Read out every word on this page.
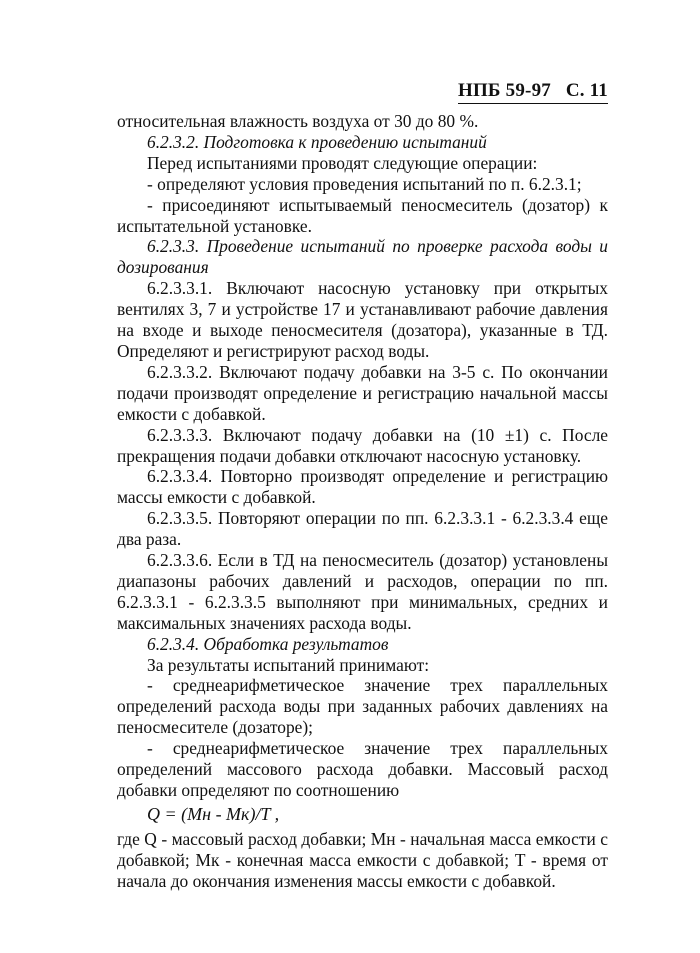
НПБ 59-97   С. 11

относительная влажность воздуха от 30 до 80 %.

6.2.3.2. Подготовка к проведению испытаний

Перед испытаниями проводят следующие операции:

- определяют условия проведения испытаний по п. 6.2.3.1;

- присоединяют испытываемый пеносмеситель (дозатор) к испытательной установке.

6.2.3.3. Проведение испытаний по проверке расхода воды и дозирования

6.2.3.3.1. Включают насосную установку при открытых вентилях 3, 7 и устройстве 17 и устанавливают рабочие давления на входе и выходе пеносмесителя (дозатора), указанные в ТД. Определяют и регистрируют расход воды.

6.2.3.3.2. Включают подачу добавки на 3-5 с. По окончании подачи производят определение и регистрацию начальной массы емкости с добавкой.

6.2.3.3.3. Включают подачу добавки на (10 ±1) с. После прекращения подачи добавки отключают насосную установку.

6.2.3.3.4. Повторно производят определение и регистрацию массы емкости с добавкой.

6.2.3.3.5. Повторяют операции по пп. 6.2.3.3.1 - 6.2.3.3.4 еще два раза.

6.2.3.3.6. Если в ТД на пеносмеситель (дозатор) установлены диапазоны рабочих давлений и расходов, операции по пп. 6.2.3.3.1 - 6.2.3.3.5 выполняют при минимальных, средних и максимальных значениях расхода воды.

6.2.3.4. Обработка результатов

За результаты испытаний принимают:

- среднеарифметическое значение трех параллельных определений расхода воды при заданных рабочих давлениях на пеносмесителе (дозаторе);

- среднеарифметическое значение трех параллельных определений массового расхода добавки. Массовый расход добавки определяют по соотношению

Q = (Mн - Mк)/T ,

где Q - массовый расход добавки; Mн - начальная масса емкости с добавкой; Mк - конечная масса емкости с добавкой; T - время от начала до окончания изменения массы емкости с добавкой.
